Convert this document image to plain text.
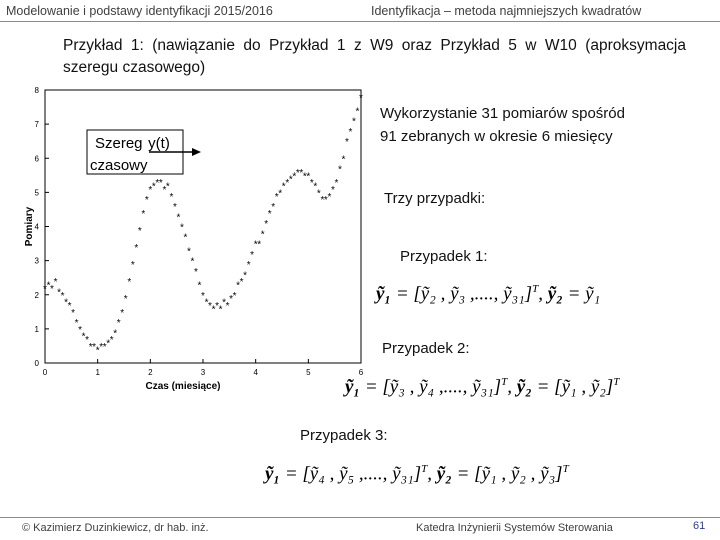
Modelowanie i podstawy identyfikacji 2015/2016	Identyfikacja – metoda najmniejszych kwadratów
Przykład 1: (nawiązanie do Przykład 1 z W9 oraz Przykład 5 w W10 (aproksymacja szeregu czasowego)
0	1	2	3	4	5	6
0
1
2
3
4
5
6
7
8
Czas (miesiące)
Pomiary
* * *
*
* *
* *
*
*
*
* *
* * * * * * *
*
*
*
*
*
*
*
*
*
*
* * * *
* *
*
*
*
*
*
*
*
*
*
*
* * * * *
* *
* *
* *
*
*
*
* *
*
*
*
*
* *
* * * * * * * *
* *
*
* * *
*
*
*
*
*
*
*
*
*
Szereg y(t)
czasowy
Wykorzystanie 31 pomiarów spośród
91 zebranych w okresie 6 miesięcy
Trzy przypadki:
Przypadek 1:
ỹ₁ = [ỹ₂ , ỹ₃ ,...., ỹ₃₁]$^T$, ỹ₂ = ỹ₁
Przypadek 2:
ỹ₁ = [ỹ₃ , ỹ₄ ,...., ỹ₃₁]$^T$, ỹ₂ = [ỹ₁ , ỹ₂]$^T$
Przypadek 3:
ỹ₁ = [ỹ₄ , ỹ₅ ,...., ỹ₃₁]$^T$, ỹ₂ = [ỹ₁ , ỹ₂ , ỹ₃]$^T$
© Kazimierz Duzinkiewicz, dr hab. inż.	Katedra Inżynierii Systemów Sterowania	61
